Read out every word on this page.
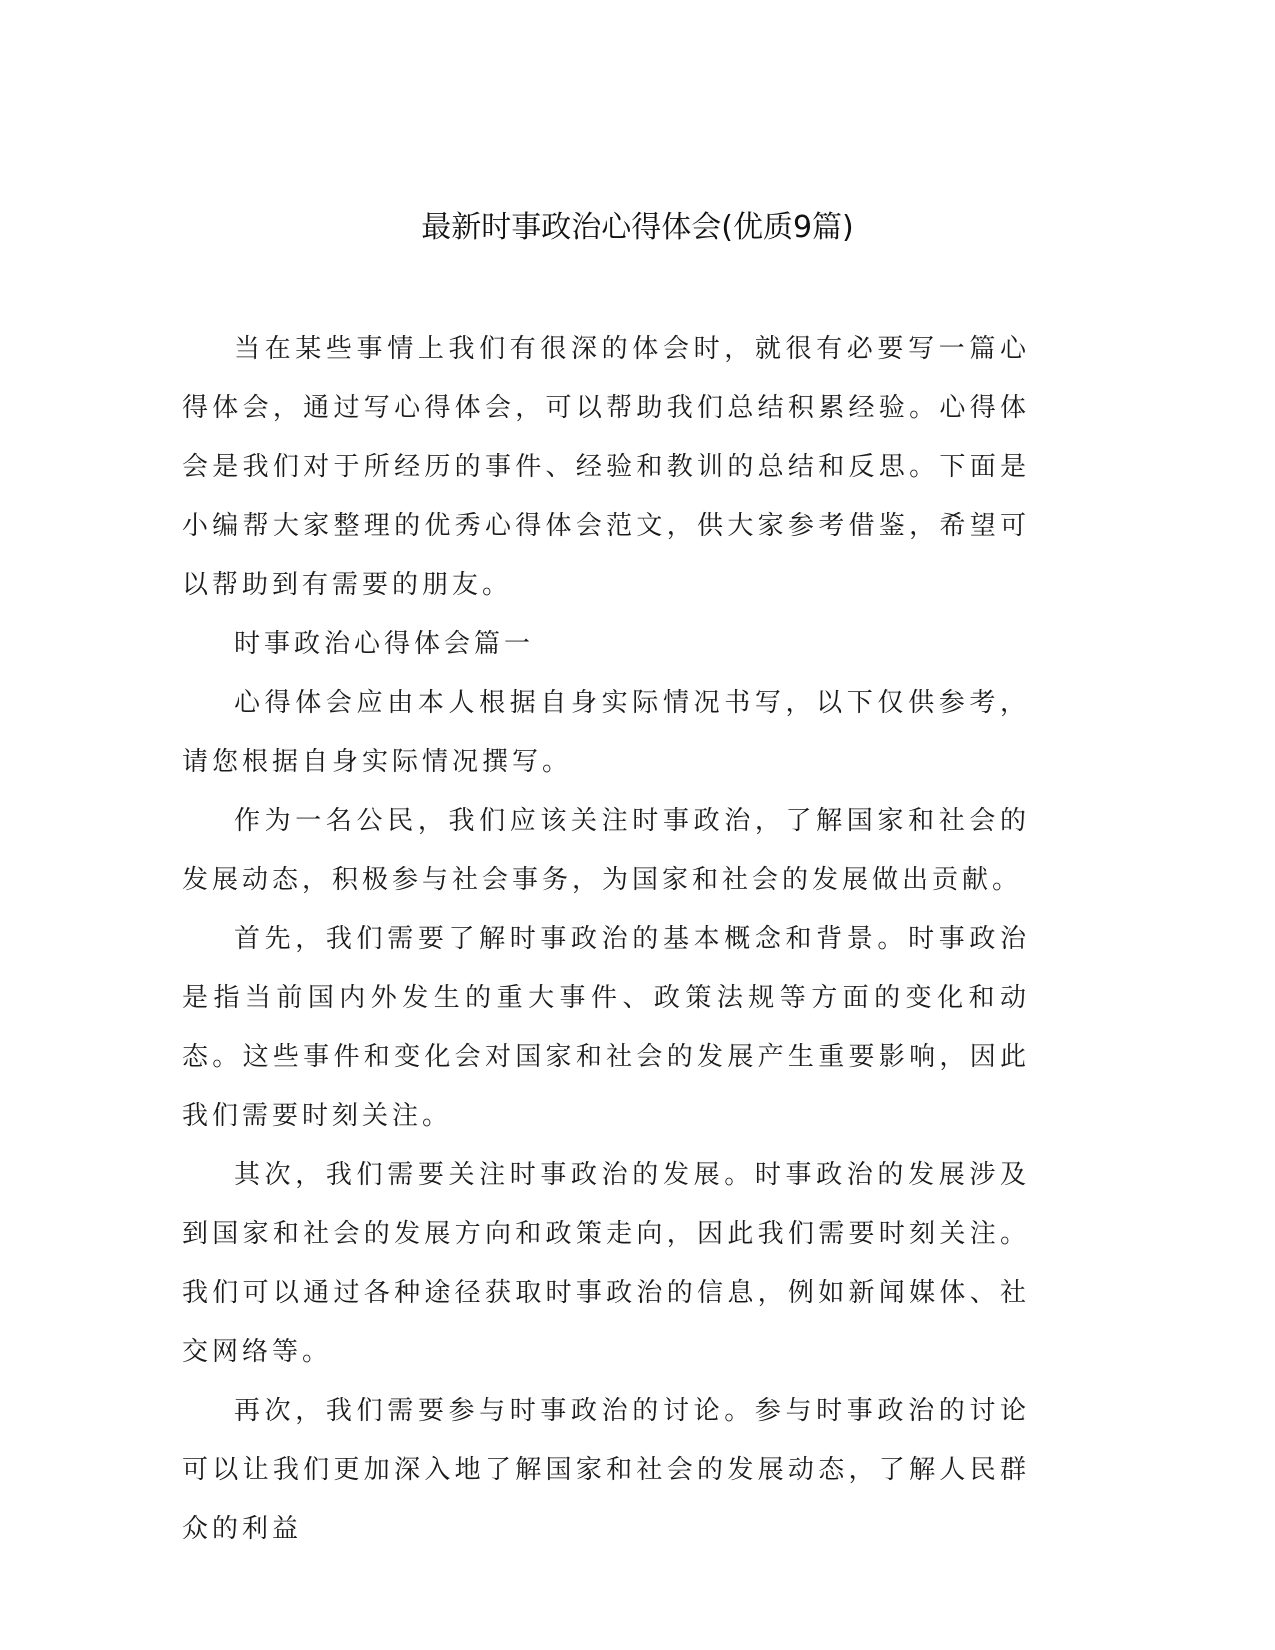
最新时事政治心得体会(优质9篇)

当在某些事情上我们有很深的体会时，就很有必要写一篇心得体会，通过写心得体会，可以帮助我们总结积累经验。心得体会是我们对于所经历的事件、经验和教训的总结和反思。下面是小编帮大家整理的优秀心得体会范文，供大家参考借鉴，希望可以帮助到有需要的朋友。

时事政治心得体会篇一

心得体会应由本人根据自身实际情况书写，以下仅供参考，请您根据自身实际情况撰写。

作为一名公民，我们应该关注时事政治，了解国家和社会的发展动态，积极参与社会事务，为国家和社会的发展做出贡献。

首先，我们需要了解时事政治的基本概念和背景。时事政治是指当前国内外发生的重大事件、政策法规等方面的变化和动态。这些事件和变化会对国家和社会的发展产生重要影响，因此我们需要时刻关注。

其次，我们需要关注时事政治的发展。时事政治的发展涉及到国家和社会的发展方向和政策走向，因此我们需要时刻关注。我们可以通过各种途径获取时事政治的信息，例如新闻媒体、社交网络等。

再次，我们需要参与时事政治的讨论。参与时事政治的讨论可以让我们更加深入地了解国家和社会的发展动态，了解人民群众的利益
